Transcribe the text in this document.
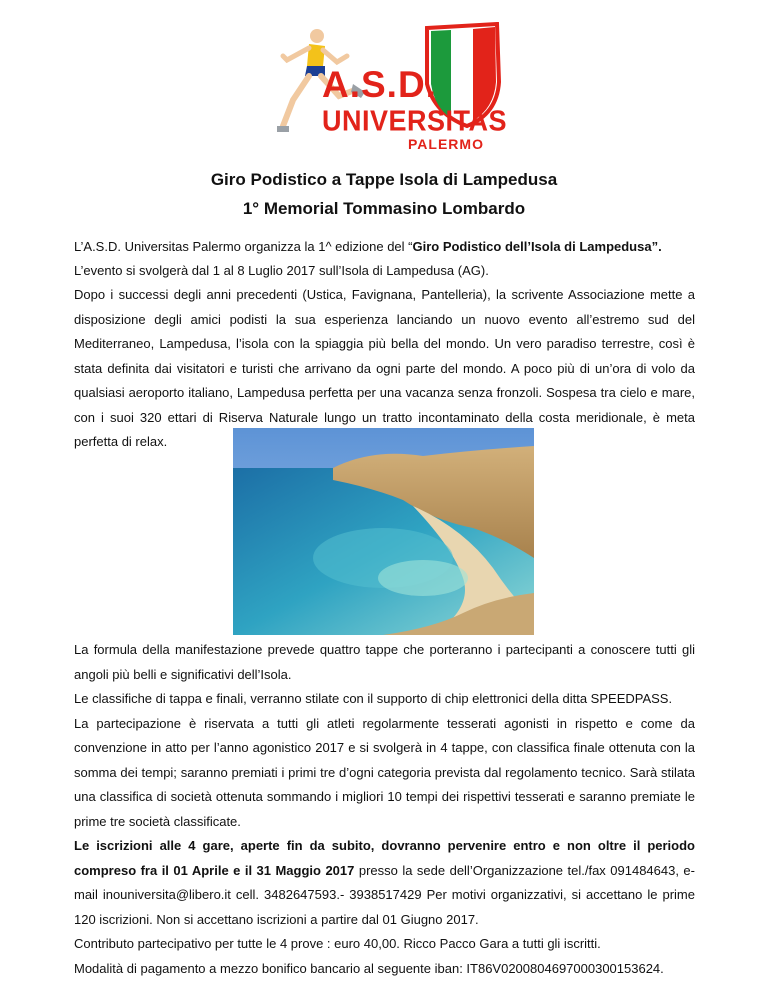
A.S.D.
UNIVERSITAS
PALERMO
Giro Podistico a Tappe Isola di Lampedusa
1° Memorial Tommasino Lombardo
L’A.S.D. Universitas Palermo organizza la 1^ edizione del “Giro Podistico dell’Isola di Lampedusa”.
L’evento si svolgerà dal 1 al 8 Luglio 2017 sull’Isola di Lampedusa (AG).
Dopo i successi degli anni precedenti (Ustica, Favignana, Pantelleria), la scrivente Associazione mette a
disposizione degli amici podisti la sua esperienza lanciando un nuovo evento all’estremo sud del
Mediterraneo, Lampedusa, l’isola con la spiaggia più bella del mondo. Un vero paradiso terrestre, così è
stata definita dai visitatori e turisti che arrivano da ogni parte del mondo. A poco più di un’ora di volo da
qualsiasi aeroporto italiano, Lampedusa perfetta per una vacanza senza fronzoli. Sospesa tra cielo e mare,
con i suoi 320 ettari di Riserva Naturale lungo un tratto incontaminato della costa meridionale, è meta
perfetta di relax.
La formula della manifestazione prevede quattro tappe che porteranno i partecipanti a conoscere tutti gli
angoli più belli e significativi dell’Isola.
Le classifiche di tappa e finali, verranno stilate con il supporto di chip elettronici della ditta SPEEDPASS.
La partecipazione è riservata a tutti gli atleti regolarmente tesserati agonisti in rispetto e come da
convenzione in atto per l’anno agonistico 2017 e si svolgerà in 4 tappe, con classifica finale ottenuta con la
somma dei tempi; saranno premiati i primi tre d’ogni categoria prevista dal regolamento tecnico. Sarà stilata
una classifica di società ottenuta sommando i migliori 10 tempi dei rispettivi tesserati e saranno premiate le
prime tre società classificate.
Le iscrizioni alle 4 gare, aperte fin da subito, dovranno pervenire entro e non oltre il periodo
compreso fra il 01 Aprile e il 31 Maggio 2017 presso la sede dell’Organizzazione tel./fax 091484643, e-
mail inouniversita@libero.it cell. 3482647593.- 3938517429 Per motivi organizzativi, si accettano le prime
120 iscrizioni. Non si accettano iscrizioni a partire dal 01 Giugno 2017.
Contributo partecipativo per tutte le 4 prove : euro 40,00. Ricco Pacco Gara a tutti gli iscritti.
Modalità di pagamento a mezzo bonifico bancario al seguente iban: IT86V0200804697000300153624.
